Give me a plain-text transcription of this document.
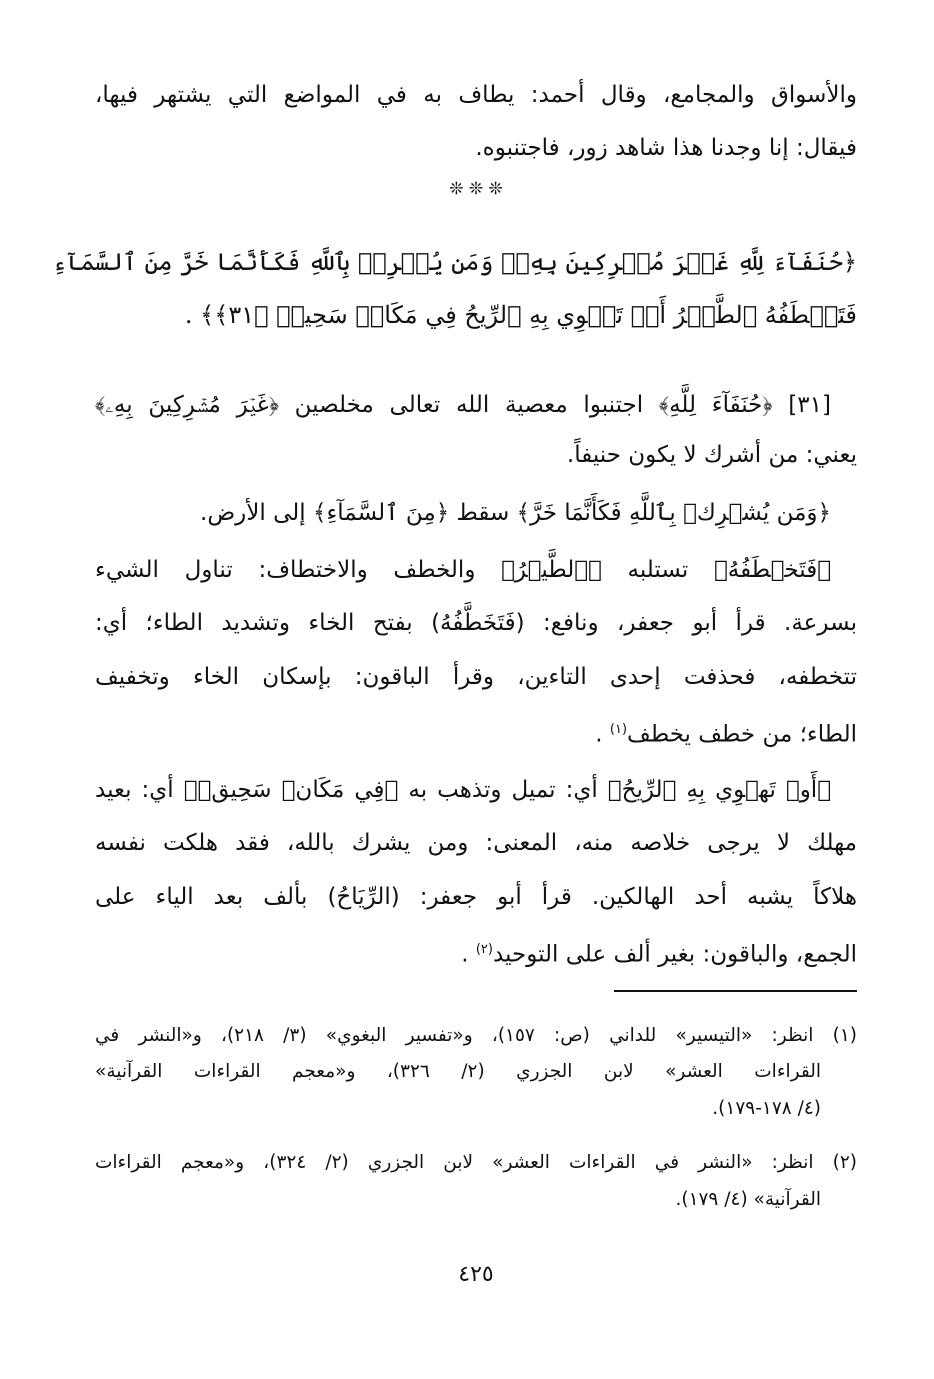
والأسواق والمجامع، وقال أحمد: يطاف به في المواضع التي يشتهر فيها،
فيقال: إنا وجدنا هذا شاهد زور، فاجتنبوه.
❊ ❊ ❊
﴿حُنَفَآءَ لِلَّهِ غَيۡرَ مُشۡرِكِينَ بِهِۦۚ وَمَن يُشۡرِكۡ بِٱللَّهِ فَكَأَنَّمَا خَرَّ مِنَ ٱلسَّمَآءِ
فَتَخۡطَفُهُ ٱلطَّيۡرُ أَوۡ تَهۡوِي بِهِ ٱلرِّيحُ فِي مَكَانٖ سَحِيقٖ ﴿٣١﴾﴾ .
[٣١] ﴿حُنَفَآءَ لِلَّهِ﴾ اجتنبوا معصية الله تعالى مخلصين ﴿غَيۡرَ مُشۡرِكِينَ بِهِۦ﴾
يعني: من أشرك لا يكون حنيفاً.
﴿وَمَن يُشۡرِكۡ بِٱللَّهِ فَكَأَنَّمَا خَرَّ﴾ سقط ﴿مِنَ ٱلسَّمَآءِ﴾ إلى الأرض.
﴿فَتَخۡطَفُهُ﴾ تستلبه ﴿ٱلطَّيۡرُ﴾ والخطف والاختطاف: تناول الشيء
بسرعة. قرأ أبو جعفر، ونافع: (فَتَخَطَّفُهُ) بفتح الخاء وتشديد الطاء؛ أي:
تتخطفه، فحذفت إحدى التاءين، وقرأ الباقون: بإسكان الخاء وتخفيف
الطاء؛ من خطف يخطف$^{(١)}$ .
﴿أَوۡ تَهۡوِي بِهِ ٱلرِّيحُ﴾ أي: تميل وتذهب به ﴿فِي مَكَانٖ سَحِيقٖ﴾ أي: بعيد
مهلك لا يرجى خلاصه منه، المعنى: ومن يشرك بالله، فقد هلكت نفسه
هلاكاً يشبه أحد الهالكين. قرأ أبو جعفر: (الرِّيَاحُ) بألف بعد الياء على
الجمع، والباقون: بغير ألف على التوحيد$^{(٢)}$ .
(١) انظر: «التيسير» للداني (ص: ١٥٧)، و«تفسير البغوي» (٣/ ٢١٨)، و«النشر في
القراءات العشر» لابن الجزري (٢/ ٣٢٦)، و«معجم القراءات القرآنية»
(٤/ ١٧٨-١٧٩).
(٢) انظر: «النشر في القراءات العشر» لابن الجزري (٢/ ٣٢٤)، و«معجم القراءات
القرآنية» (٤/ ١٧٩).
٤٢٥
